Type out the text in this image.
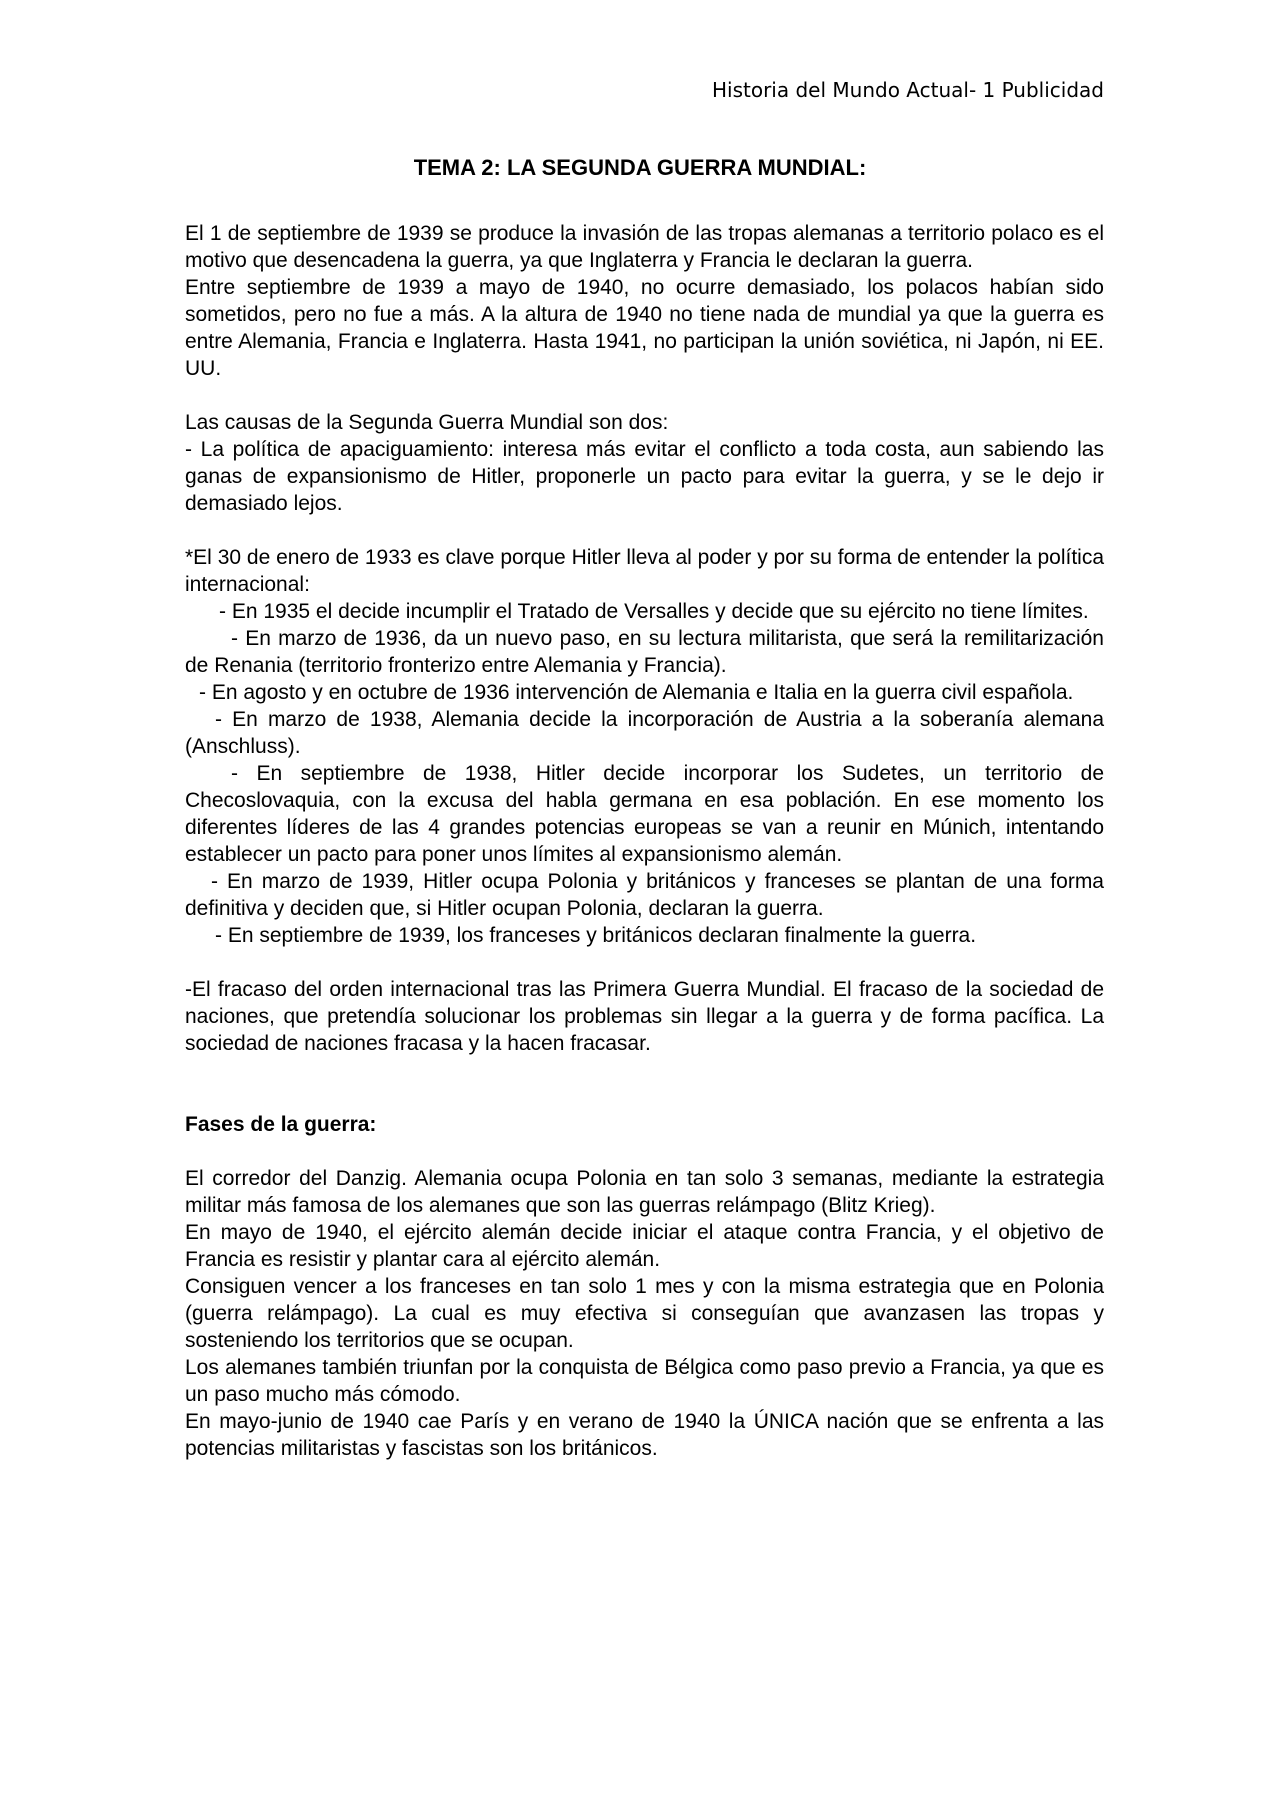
Historia del Mundo Actual- 1 Publicidad
TEMA 2: LA SEGUNDA GUERRA MUNDIAL:

El 1 de septiembre de 1939 se produce la invasión de las tropas alemanas a territorio polaco es el motivo que desencadena la guerra, ya que Inglaterra y Francia le declaran la guerra.

Entre septiembre de 1939 a mayo de 1940, no ocurre demasiado, los polacos habían sido sometidos, pero no fue a más. A la altura de 1940 no tiene nada de mundial ya que la guerra es entre Alemania, Francia e Inglaterra. Hasta 1941, no participan la unión soviética, ni Japón, ni EE. UU.

Las causas de la Segunda Guerra Mundial son dos:

- La política de apaciguamiento: interesa más evitar el conflicto a toda costa, aun sabiendo las ganas de expansionismo de Hitler, proponerle un pacto para evitar la guerra, y se le dejo ir demasiado lejos.

*El 30 de enero de 1933 es clave porque Hitler lleva al poder y por su forma de entender la política internacional:

- En 1935 el decide incumplir el Tratado de Versalles y decide que su ejército no tiene límites.

- En marzo de 1936, da un nuevo paso, en su lectura militarista, que será la remilitarización de Renania (territorio fronterizo entre Alemania y Francia).

- En agosto y en octubre de 1936 intervención de Alemania e Italia en la guerra civil española.

- En marzo de 1938, Alemania decide la incorporación de Austria a la soberanía alemana (Anschluss).

- En septiembre de 1938, Hitler decide incorporar los Sudetes, un territorio de Checoslovaquia, con la excusa del habla germana en esa población. En ese momento los diferentes líderes de las 4 grandes potencias europeas se van a reunir en Múnich, intentando establecer un pacto para poner unos límites al expansionismo alemán.

- En marzo de 1939, Hitler ocupa Polonia y británicos y franceses se plantan de una forma definitiva y deciden que, si Hitler ocupan Polonia, declaran la guerra.

- En septiembre de 1939, los franceses y británicos declaran finalmente la guerra.

-El fracaso del orden internacional tras las Primera Guerra Mundial. El fracaso de la sociedad de naciones, que pretendía solucionar los problemas sin llegar a la guerra y de forma pacífica. La sociedad de naciones fracasa y la hacen fracasar.

Fases de la guerra:

El corredor del Danzig. Alemania ocupa Polonia en tan solo 3 semanas, mediante la estrategia militar más famosa de los alemanes que son las guerras relámpago (Blitz Krieg).

En mayo de 1940, el ejército alemán decide iniciar el ataque contra Francia, y el objetivo de Francia es resistir y plantar cara al ejército alemán.

Consiguen vencer a los franceses en tan solo 1 mes y con la misma estrategia que en Polonia (guerra relámpago). La cual es muy efectiva si conseguían que avanzasen las tropas y sosteniendo los territorios que se ocupan.

Los alemanes también triunfan por la conquista de Bélgica como paso previo a Francia, ya que es un paso mucho más cómodo.

En mayo-junio de 1940 cae París y en verano de 1940 la ÚNICA nación que se enfrenta a las potencias militaristas y fascistas son los británicos.
